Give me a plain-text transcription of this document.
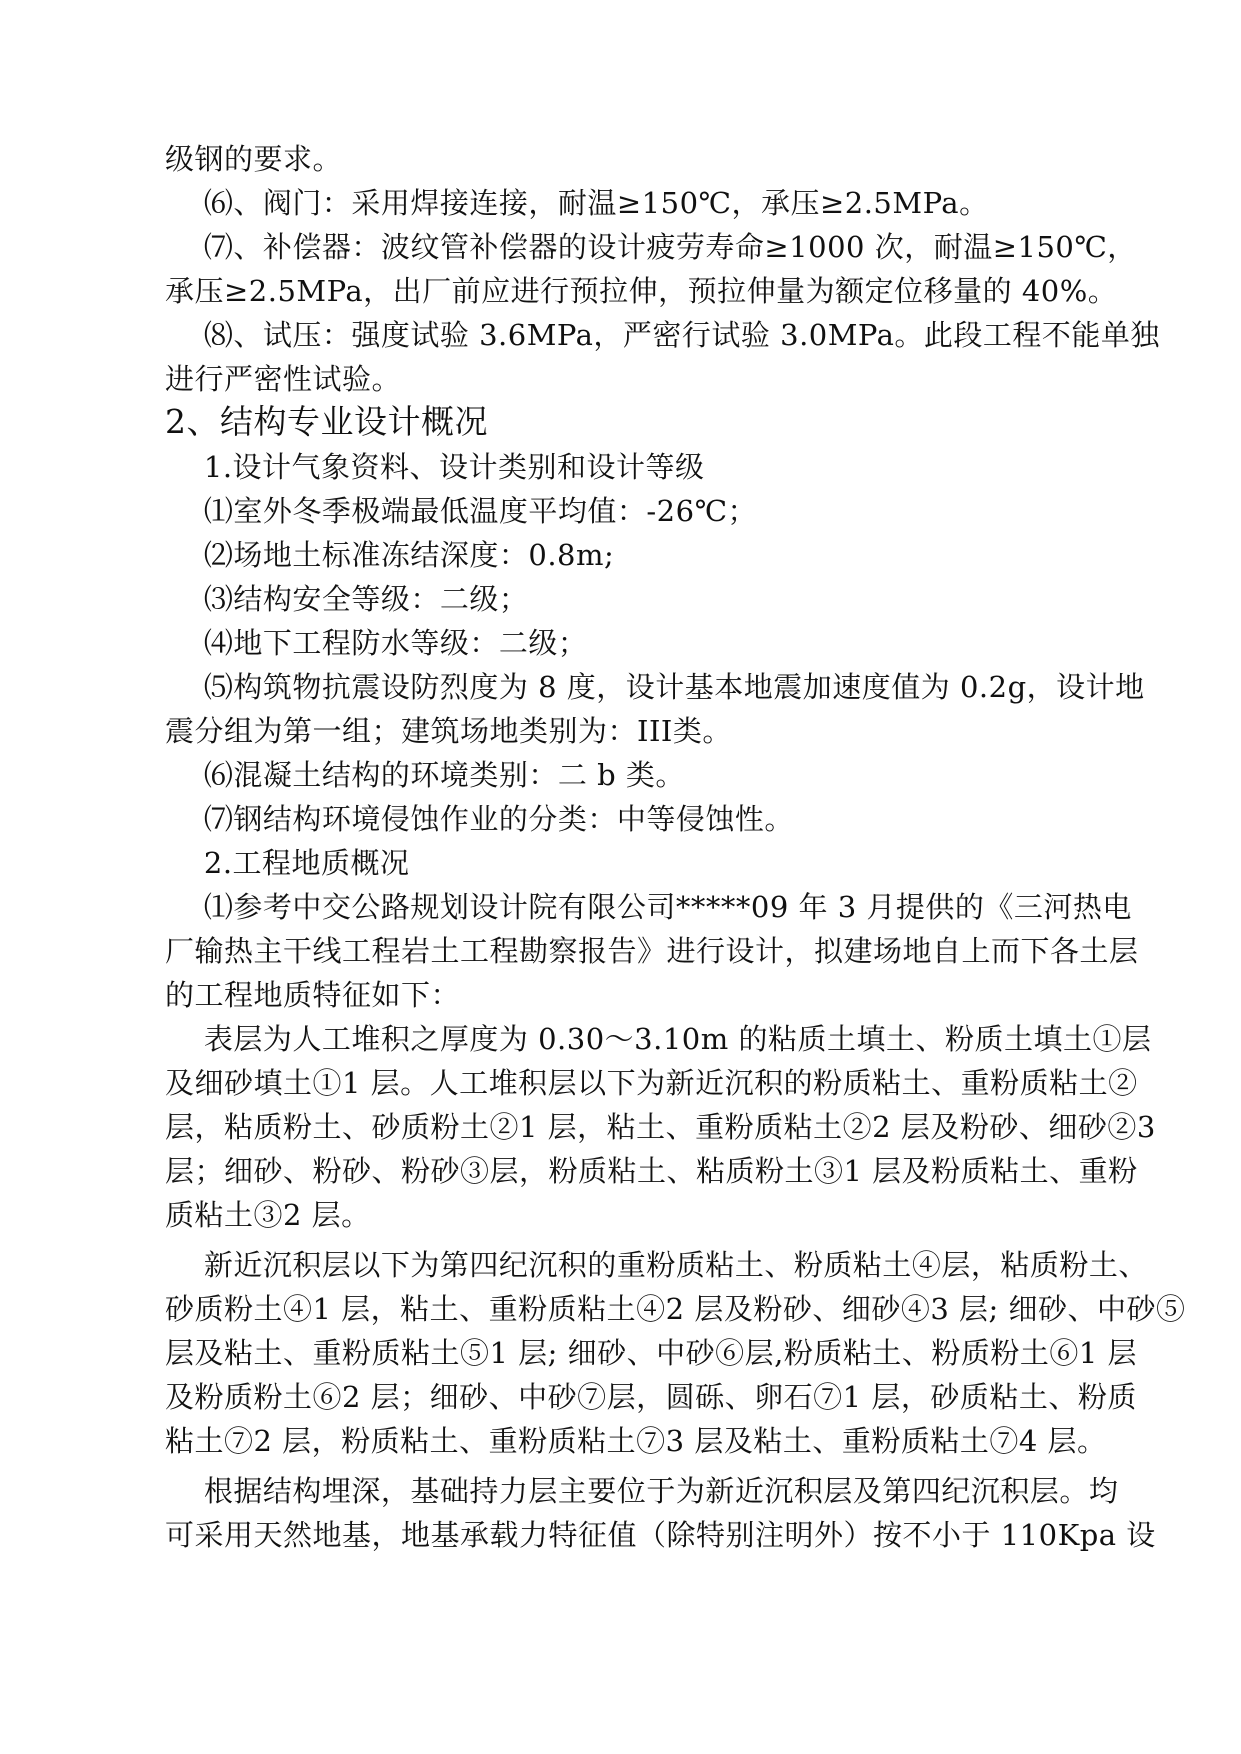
级钢的要求。
⑹、阀门：采用焊接连接，耐温≥150℃，承压≥2.5MPa。
⑺、补偿器：波纹管补偿器的设计疲劳寿命≥1000 次，耐温≥150℃，
承压≥2.5MPa，出厂前应进行预拉伸，预拉伸量为额定位移量的 40%。
⑻、试压：强度试验 3.6MPa，严密行试验 3.0MPa。此段工程不能单独
进行严密性试验。
2、结构专业设计概况
1.设计气象资料、设计类别和设计等级
⑴室外冬季极端最低温度平均值：-26℃；
⑵场地土标准冻结深度：0.8m;
⑶结构安全等级：二级；
⑷地下工程防水等级：二级；
⑸构筑物抗震设防烈度为 8 度，设计基本地震加速度值为 0.2g，设计地
震分组为第一组；建筑场地类别为：III类。
⑹混凝土结构的环境类别：二 b 类。
⑺钢结构环境侵蚀作业的分类：中等侵蚀性。
2.工程地质概况
⑴参考中交公路规划设计院有限公司*****09 年 3 月提供的《三河热电
厂输热主干线工程岩土工程勘察报告》进行设计，拟建场地自上而下各土层
的工程地质特征如下：
表层为人工堆积之厚度为 0.30～3.10m 的粘质土填土、粉质土填土①层
及细砂填土①1 层。人工堆积层以下为新近沉积的粉质粘土、重粉质粘土②
层，粘质粉土、砂质粉土②1 层，粘土、重粉质粘土②2 层及粉砂、细砂②3
层；细砂、粉砂、粉砂③层，粉质粘土、粘质粉土③1 层及粉质粘土、重粉
质粘土③2 层。
新近沉积层以下为第四纪沉积的重粉质粘土、粉质粘土④层，粘质粉土、
砂质粉土④1 层，粘土、重粉质粘土④2 层及粉砂、细砂④3 层; 细砂、中砂⑤
层及粘土、重粉质粘土⑤1 层; 细砂、中砂⑥层,粉质粘土、粉质粉土⑥1 层
及粉质粉土⑥2 层；细砂、中砂⑦层，圆砾、卵石⑦1 层，砂质粘土、粉质
粘土⑦2 层，粉质粘土、重粉质粘土⑦3 层及粘土、重粉质粘土⑦4 层。
根据结构埋深，基础持力层主要位于为新近沉积层及第四纪沉积层。均
可采用天然地基，地基承载力特征值（除特别注明外）按不小于 110Kpa 设
